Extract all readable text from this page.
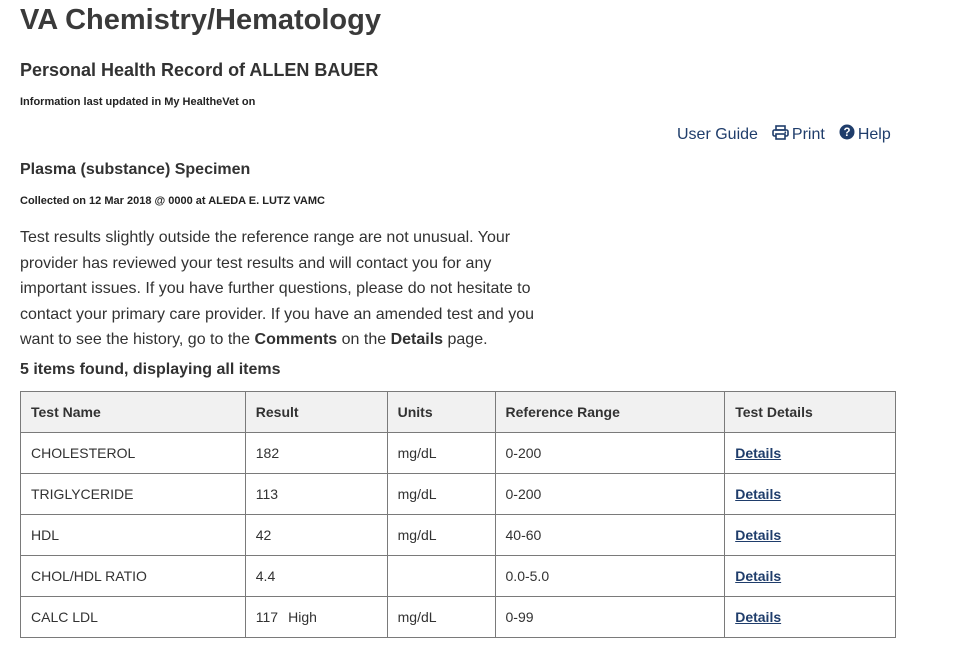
VA Chemistry/Hematology
Personal Health Record of ALLEN BAUER
Information last updated in My HealtheVet on
User Guide Print ? Help
Plasma (substance) Specimen
Collected on 12 Mar 2018 @ 0000 at ALEDA E. LUTZ VAMC
Test results slightly outside the reference range are not unusual. Your provider has reviewed your test results and will contact you for any important issues. If you have further questions, please do not hesitate to contact your primary care provider. If you have an amended test and you want to see the history, go to the Comments on the Details page.
5 items found, displaying all items
Test Name	Result	Units	Reference Range	Test Details
CHOLESTEROL	182	mg/dL	0-200	Details
TRIGLYCERIDE	113	mg/dL	0-200	Details
HDL	42	mg/dL	40-60	Details
CHOL/HDL RATIO	4.4		0.0-5.0	Details
CALC LDL	117 High	mg/dL	0-99	Details
